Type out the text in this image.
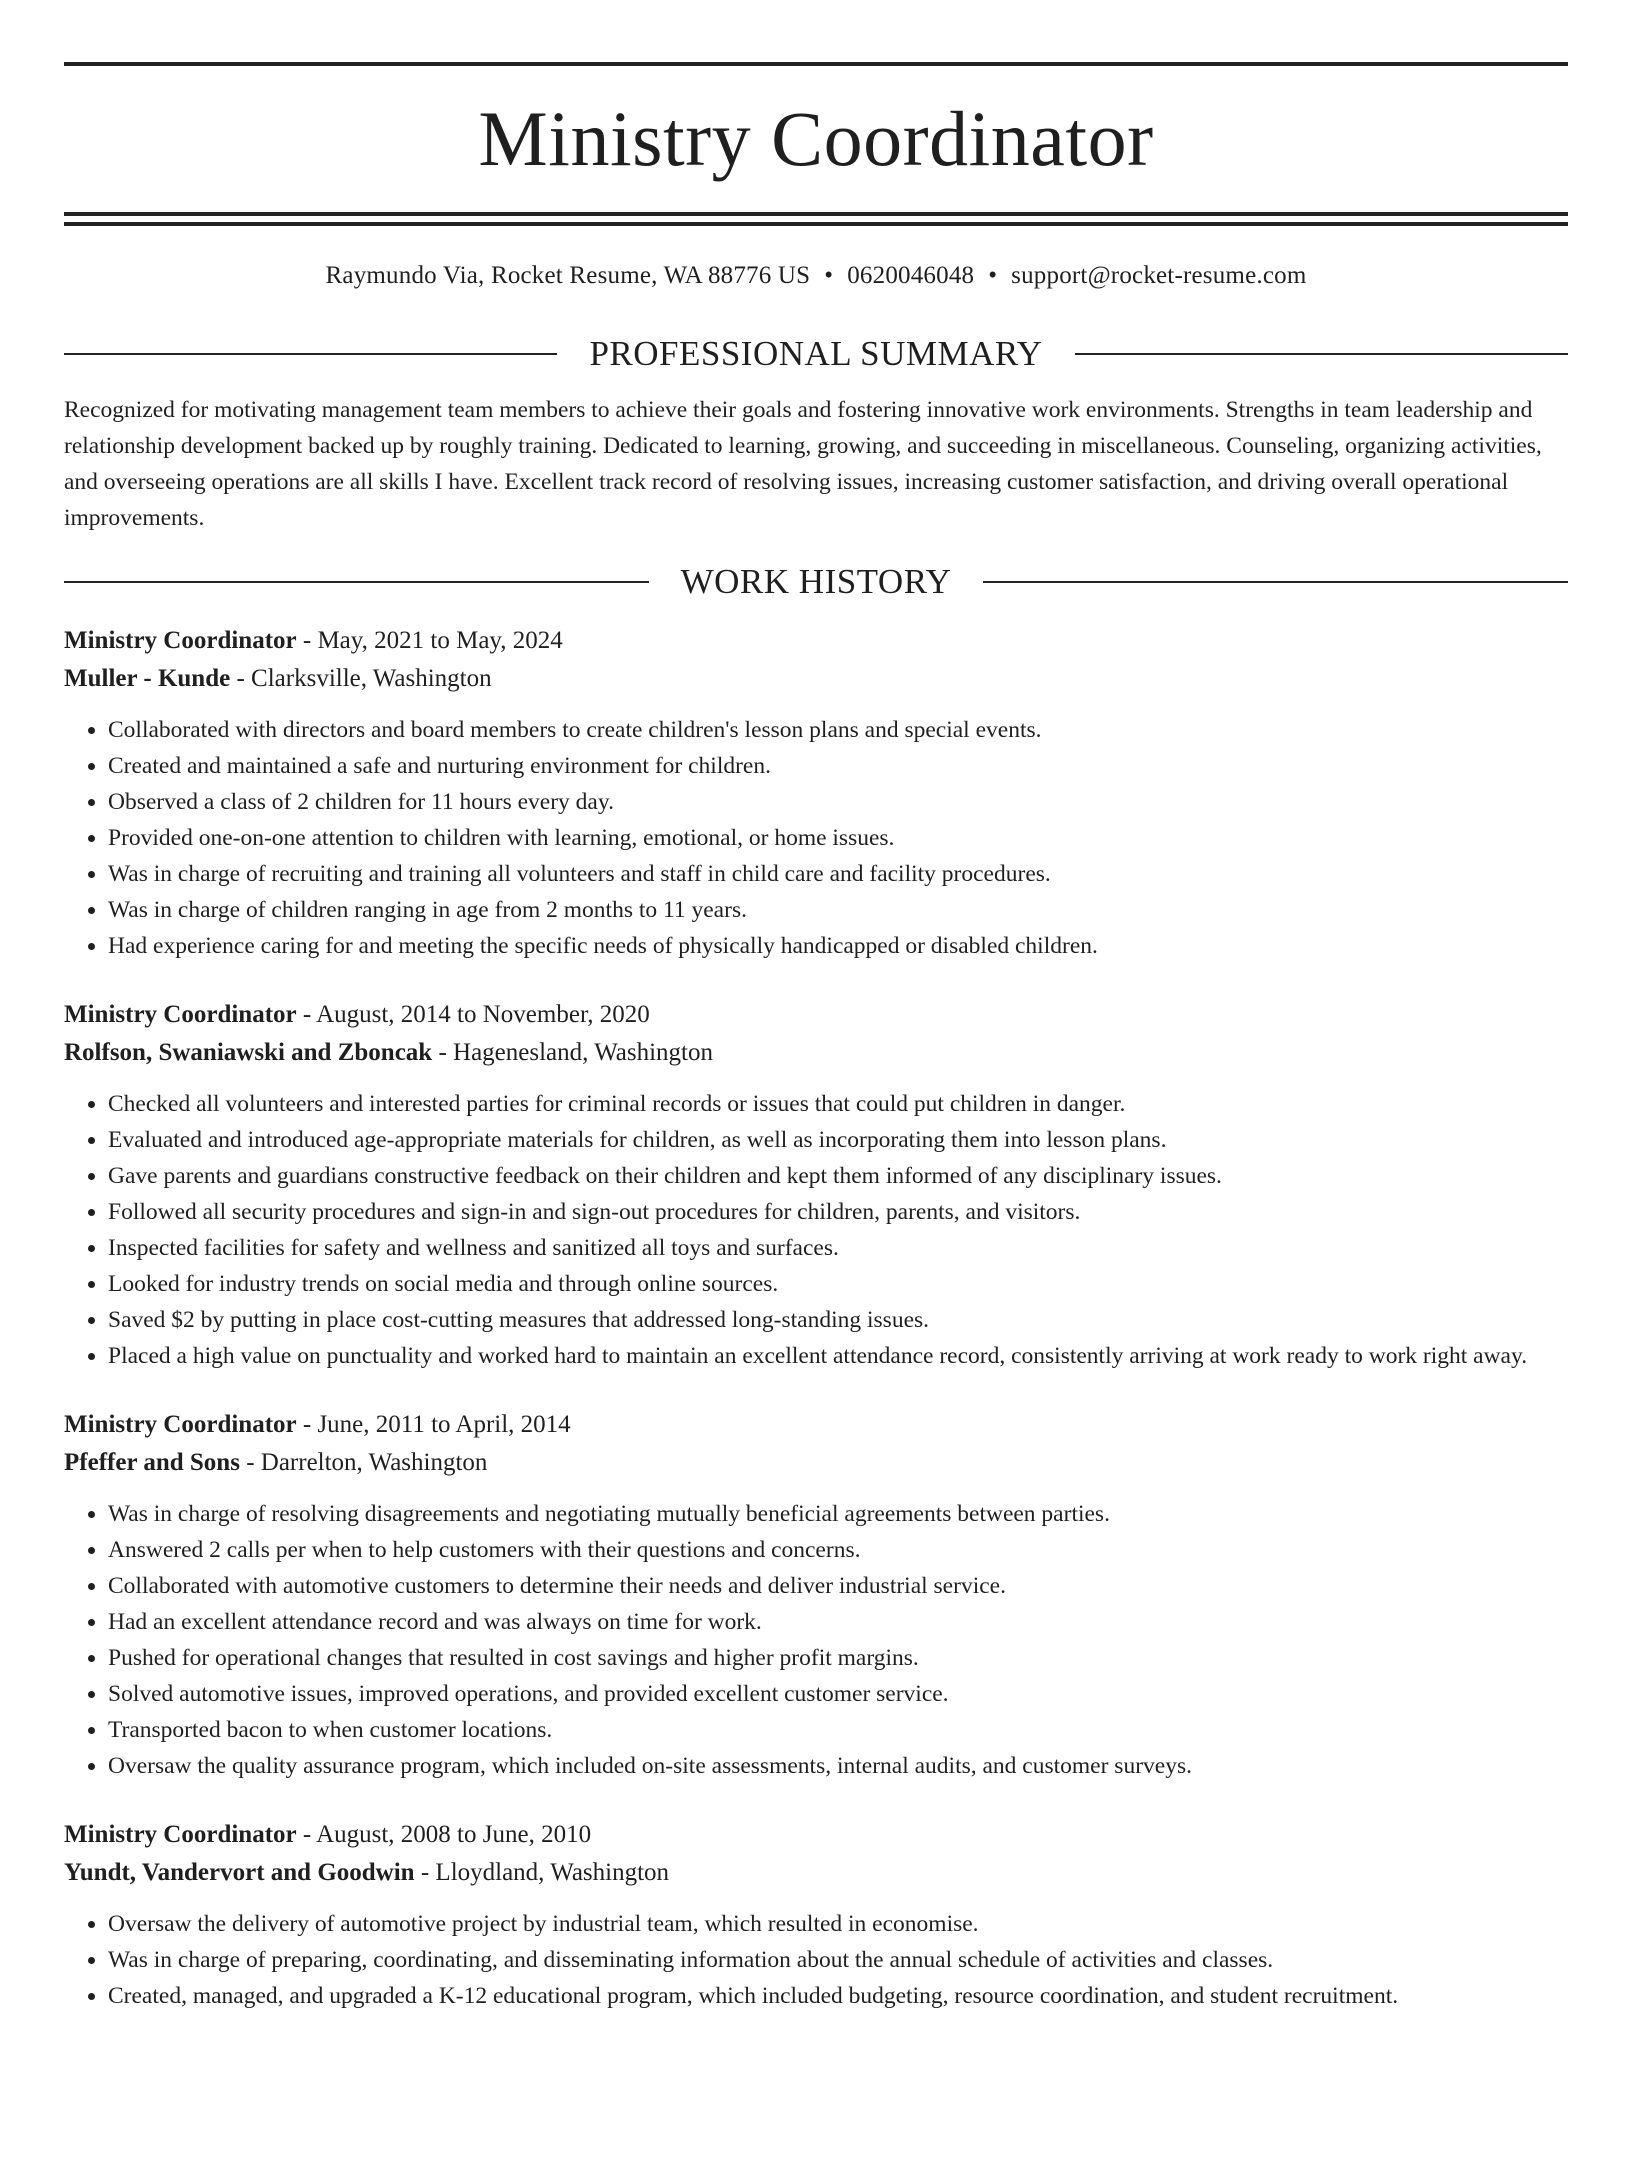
Ministry Coordinator
Raymundo Via, Rocket Resume, WA 88776 US • 0620046048 • support@rocket-resume.com
PROFESSIONAL SUMMARY

Recognized for motivating management team members to achieve their goals and fostering innovative work environments. Strengths in team leadership and relationship development backed up by roughly training. Dedicated to learning, growing, and succeeding in miscellaneous. Counseling, organizing activities, and overseeing operations are all skills I have. Excellent track record of resolving issues, increasing customer satisfaction, and driving overall operational improvements.

WORK HISTORY
Ministry Coordinator - May, 2021 to May, 2024
Muller - Kunde - Clarksville, Washington
• Collaborated with directors and board members to create children's lesson plans and special events.
• Created and maintained a safe and nurturing environment for children.
• Observed a class of 2 children for 11 hours every day.
• Provided one-on-one attention to children with learning, emotional, or home issues.
• Was in charge of recruiting and training all volunteers and staff in child care and facility procedures.
• Was in charge of children ranging in age from 2 months to 11 years.
• Had experience caring for and meeting the specific needs of physically handicapped or disabled children.
Ministry Coordinator - August, 2014 to November, 2020
Rolfson, Swaniawski and Zboncak - Hagenesland, Washington
• Checked all volunteers and interested parties for criminal records or issues that could put children in danger.
• Evaluated and introduced age-appropriate materials for children, as well as incorporating them into lesson plans.
• Gave parents and guardians constructive feedback on their children and kept them informed of any disciplinary issues.
• Followed all security procedures and sign-in and sign-out procedures for children, parents, and visitors.
• Inspected facilities for safety and wellness and sanitized all toys and surfaces.
• Looked for industry trends on social media and through online sources.
• Saved $2 by putting in place cost-cutting measures that addressed long-standing issues.
• Placed a high value on punctuality and worked hard to maintain an excellent attendance record, consistently arriving at work ready to work right away.
Ministry Coordinator - June, 2011 to April, 2014
Pfeffer and Sons - Darrelton, Washington
• Was in charge of resolving disagreements and negotiating mutually beneficial agreements between parties.
• Answered 2 calls per when to help customers with their questions and concerns.
• Collaborated with automotive customers to determine their needs and deliver industrial service.
• Had an excellent attendance record and was always on time for work.
• Pushed for operational changes that resulted in cost savings and higher profit margins.
• Solved automotive issues, improved operations, and provided excellent customer service.
• Transported bacon to when customer locations.
• Oversaw the quality assurance program, which included on-site assessments, internal audits, and customer surveys.
Ministry Coordinator - August, 2008 to June, 2010
Yundt, Vandervort and Goodwin - Lloydland, Washington
• Oversaw the delivery of automotive project by industrial team, which resulted in economise.
• Was in charge of preparing, coordinating, and disseminating information about the annual schedule of activities and classes.
• Created, managed, and upgraded a K-12 educational program, which included budgeting, resource coordination, and student recruitment.
